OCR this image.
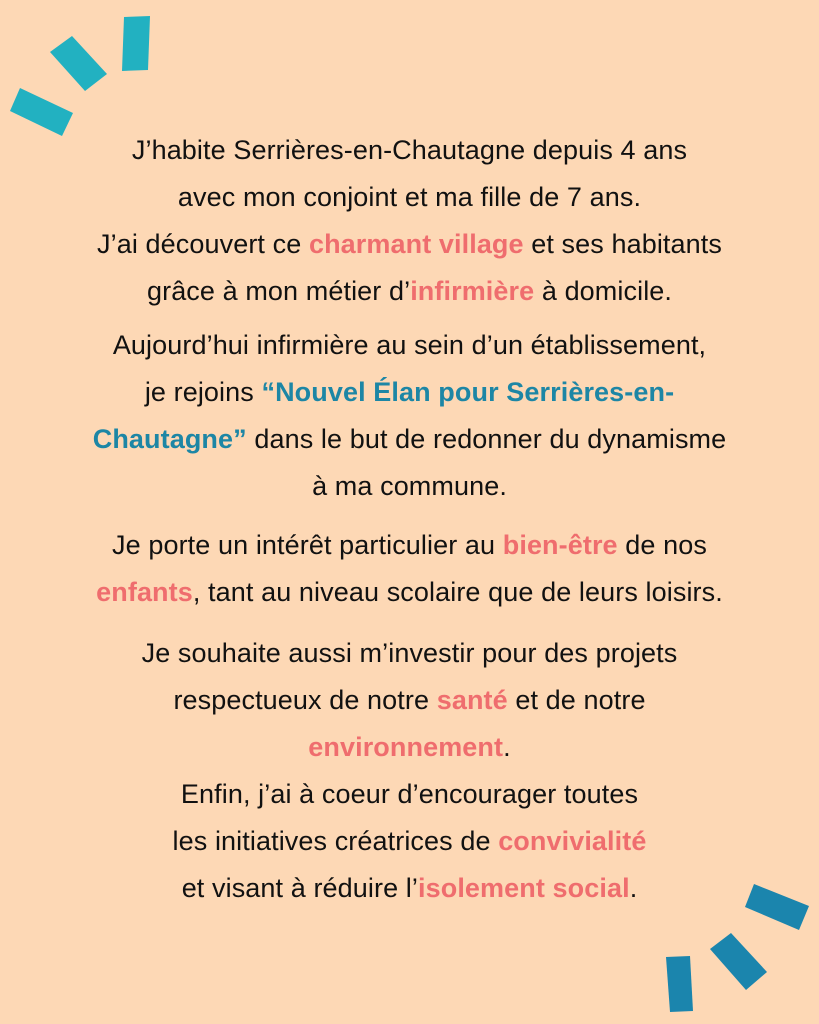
J’habite Serrières-en-Chautagne depuis 4 ans
avec mon conjoint et ma fille de 7 ans.
J’ai découvert ce charmant village et ses habitants
grâce à mon métier d’infirmière à domicile.
Aujourd’hui infirmière au sein d’un établissement,
je rejoins “Nouvel Élan pour Serrières-en-
Chautagne” dans le but de redonner du dynamisme
à ma commune.
Je porte un intérêt particulier au bien-être de nos
enfants, tant au niveau scolaire que de leurs loisirs.
Je souhaite aussi m’investir pour des projets
respectueux de notre santé et de notre
environnement.
Enfin, j’ai à coeur d’encourager toutes
les initiatives créatrices de convivialité
et visant à réduire l’isolement social.
